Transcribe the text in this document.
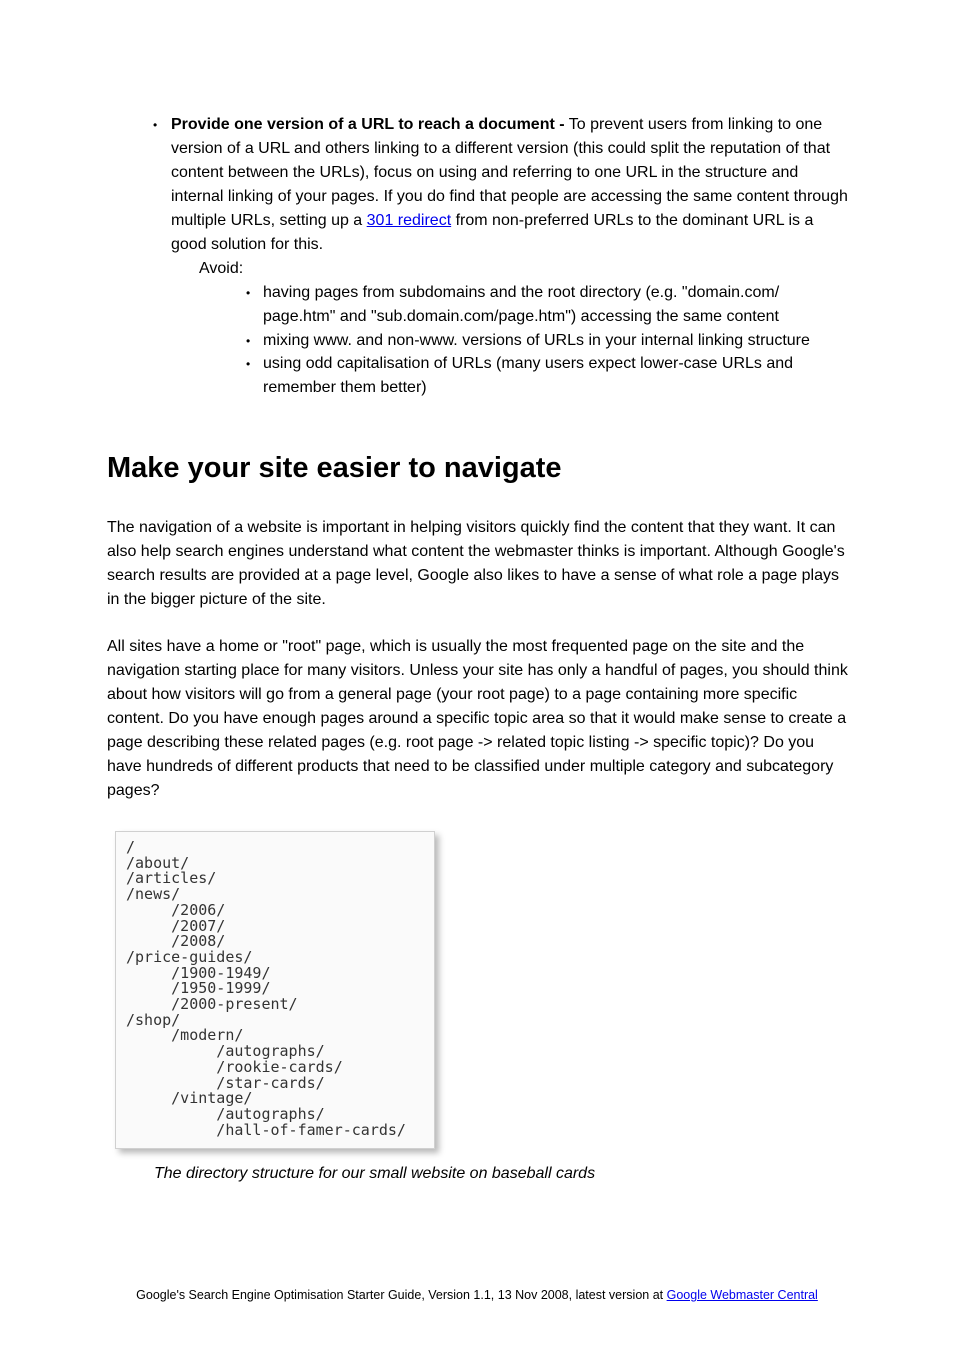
• Provide one version of a URL to reach a document - To prevent users from linking to one version of a URL and others linking to a different version (this could split the reputation of that content between the URLs), focus on using and referring to one URL in the structure and internal linking of your pages. If you do find that people are accessing the same content through multiple URLs, setting up a 301 redirect from non-preferred URLs to the dominant URL is a good solution for this.
Avoid:
• having pages from subdomains and the root directory (e.g. "domain.com/ page.htm" and "sub.domain.com/page.htm") accessing the same content
• mixing www. and non-www. versions of URLs in your internal linking structure
• using odd capitalisation of URLs (many users expect lower-case URLs and remember them better)
Make your site easier to navigate

The navigation of a website is important in helping visitors quickly find the content that they want. It can also help search engines understand what content the webmaster thinks is important. Although Google's search results are provided at a page level, Google also likes to have a sense of what role a page plays in the bigger picture of the site.

All sites have a home or "root" page, which is usually the most frequented page on the site and the navigation starting place for many visitors. Unless your site has only a handful of pages, you should think about how visitors will go from a general page (your root page) to a page containing more specific content. Do you have enough pages around a specific topic area so that it would make sense to create a page describing these related pages (e.g. root page -> related topic listing -> specific topic)? Do you have hundreds of different products that need to be classified under multiple category and subcategory pages?

/
/about/
/articles/
/news/
/2006/
/2007/
/2008/
/price-guides/
/1900-1949/
/1950-1999/
/2000-present/
/shop/
/modern/
/autographs/
/rookie-cards/
/star-cards/
/vintage/
/autographs/
/hall-of-famer-cards/
The directory structure for our small website on baseball cards
Google's Search Engine Optimisation Starter Guide, Version 1.1, 13 Nov 2008, latest version at Google Webmaster Central
